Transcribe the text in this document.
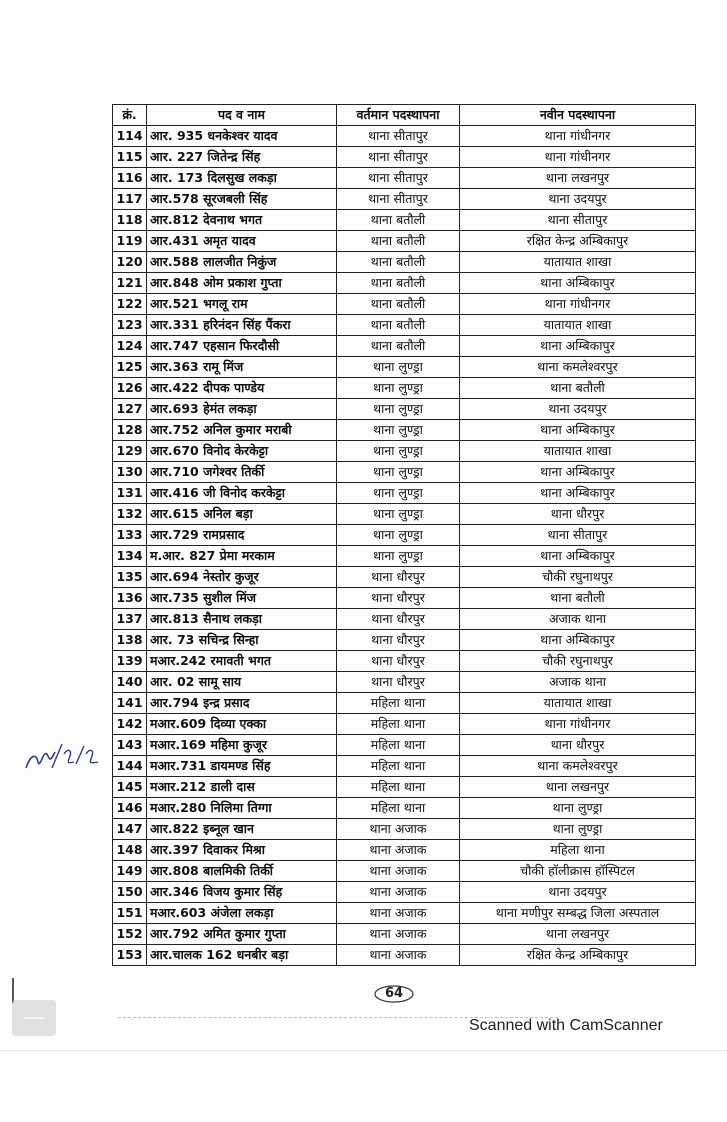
क्रं.	पद व नाम	वर्तमान पदस्थापना	नवीन पदस्थापना
114	आर. 935 धनकेश्वर यादव	थाना सीतापुर	थाना गांधीनगर
115	आर. 227 जितेन्द्र सिंह	थाना सीतापुर	थाना गांधीनगर
116	आर. 173 दिलसुख लकड़ा	थाना सीतापुर	थाना लखनपुर
117	आर.578 सूरजबली सिंह	थाना सीतापुर	थाना उदयपुर
118	आर.812 देवनाथ भगत	थाना बतौली	थाना सीतापुर
119	आर.431 अमृत यादव	थाना बतौली	रक्षित केन्द्र अम्बिकापुर
120	आर.588 लालजीत निकुंज	थाना बतौली	यातायात शाखा
121	आर.848 ओम प्रकाश गुप्ता	थाना बतौली	थाना अम्बिकापुर
122	आर.521 भगलू राम	थाना बतौली	थाना गांधीनगर
123	आर.331 हरिनंदन सिंह पैंकरा	थाना बतौली	यातायात शाखा
124	आर.747 एहसान फिरदौसी	थाना बतौली	थाना अम्बिकापुर
125	आर.363 रामू मिंज	थाना लुण्ड्रा	थाना कमलेश्वरपुर
126	आर.422 दीपक पाण्डेय	थाना लुण्ड्रा	थाना बतौली
127	आर.693 हेमंत लकड़ा	थाना लुण्ड्रा	थाना उदयपुर
128	आर.752 अनिल कुमार मराबी	थाना लुण्ड्रा	थाना अम्बिकापुर
129	आर.670 विनोद केरकेट्टा	थाना लुण्ड्रा	यातायात शाखा
130	आर.710 जगेश्वर तिर्की	थाना लुण्ड्रा	थाना अम्बिकापुर
131	आर.416 जी विनोद करकेट्टा	थाना लुण्ड्रा	थाना अम्बिकापुर
132	आर.615 अनिल बड़ा	थाना लुण्ड्रा	थाना धौरपुर
133	आर.729 रामप्रसाद	थाना लुण्ड्रा	थाना सीतापुर
134	म.आर. 827 प्रेमा मरकाम	थाना लुण्ड्रा	थाना अम्बिकापुर
135	आर.694 नेस्तोर कुजूर	थाना धौरपुर	चौकी रघुनाथपुर
136	आर.735 सुशील मिंज	थाना धौरपुर	थाना बतौली
137	आर.813 सैनाथ लकड़ा	थाना धौरपुर	अजाक थाना
138	आर. 73 सचिन्द्र सिन्हा	थाना धौरपुर	थाना अम्बिकापुर
139	मआर.242 रमावती भगत	थाना धौरपुर	चौकी रघुनाथपुर
140	आर. 02 सामू साय	थाना धौरपुर	अजाक थाना
141	आर.794 इन्द्र प्रसाद	महिला थाना	यातायात शाखा
142	मआर.609 दिव्या एक्का	महिला थाना	थाना गांधीनगर
143	मआर.169 महिमा कुजूर	महिला थाना	थाना धौरपुर
144	मआर.731 डायमण्ड सिंह	महिला थाना	थाना कमलेश्वरपुर
145	मआर.212 डाली दास	महिला थाना	थाना लखनपुर
146	मआर.280 निलिमा तिग्गा	महिला थाना	थाना लुण्ड्रा
147	आर.822 इब्नूल खान	थाना अजाक	थाना लुण्ड्रा
148	आर.397 दिवाकर मिश्रा	थाना अजाक	महिला थाना
149	आर.808 बालमिकी तिर्की	थाना अजाक	चौकी हॉलीक्रास हॉस्पिटल
150	आर.346 विजय कुमार सिंह	थाना अजाक	थाना उदयपुर
151	मआर.603 अंजेला लकड़ा	थाना अजाक	थाना मणीपुर सम्बद्ध जिला अस्पताल
152	आर.792 अमित कुमार गुप्ता	थाना अजाक	थाना लखनपुर
153	आर.चालक 162 धनबीर बड़ा	थाना अजाक	रक्षित केन्द्र अम्बिकापुर
64
Scanned with CamScanner
